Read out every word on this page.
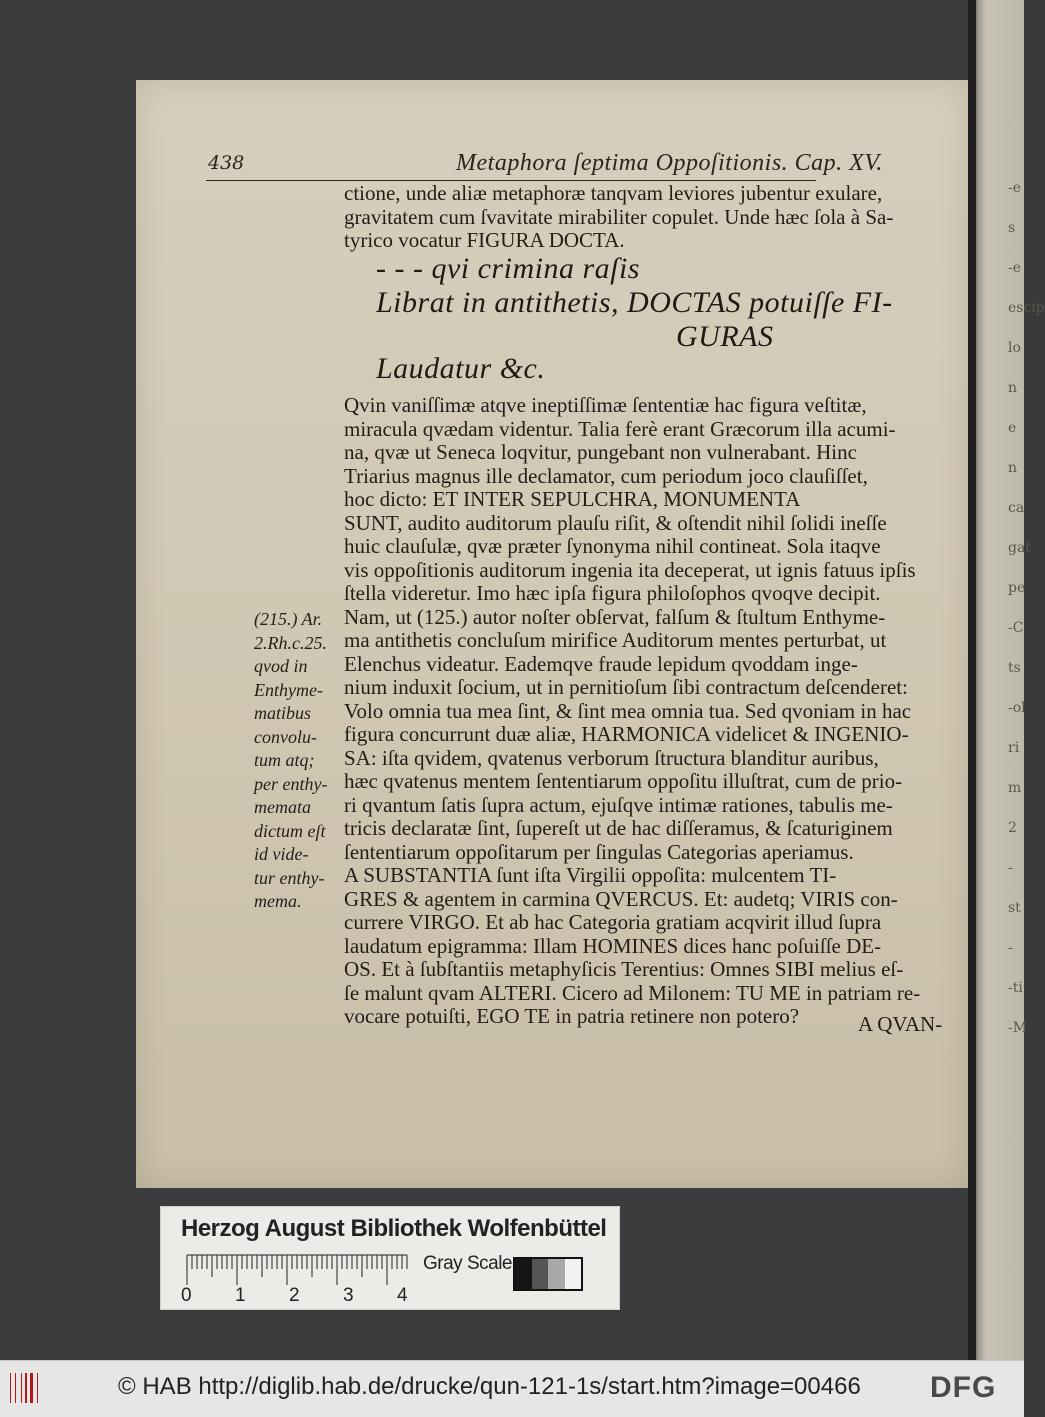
-e
s
-e
escip
lo
n
e
n
ca
gat
pe
-C
ts
-ol
ri
m
2
-
st
-
-ti
-M
438	Metaphora ſeptima Oppoſitionis. Cap. XV.
ctione, unde aliæ metaphoræ tanqvam leviores jubentur exulare,
gravitatem cum ſvavitate mirabiliter copulet. Unde hæc ſola à Sa-
tyrico vocatur FIGURA DOCTA.
- - - qvi crimina raſis
Librat in antithetis, DOCTAS potuiſſe FI-
GURAS
Laudatur &c.
Qvin vaniſſimæ atqve ineptiſſimæ ſententiæ hac figura veſtitæ,
miracula qvædam videntur. Talia ferè erant Græcorum illa acumi-
na, qvæ ut Seneca loqvitur, pungebant non vulnerabant. Hinc
Triarius magnus ille declamator, cum periodum joco clauſiſſet,
hoc dicto: ET INTER SEPULCHRA, MONUMENTA
SUNT, audito auditorum plauſu riſit, & oſtendit nihil ſolidi ineſſe
huic clauſulæ, qvæ præter ſynonyma nihil contineat. Sola itaqve
vis oppoſitionis auditorum ingenia ita deceperat, ut ignis fatuus ipſis
ſtella videretur. Imo hæc ipſa figura philoſophos qvoqve decipit.
Nam, ut (125.) autor noſter obſervat, falſum & ſtultum Enthyme-
ma antithetis concluſum mirifice Auditorum mentes perturbat, ut
Elenchus videatur. Eademqve fraude lepidum qvoddam inge-
nium induxit ſocium, ut in pernitioſum ſibi contractum deſcenderet:
Volo omnia tua mea ſint, & ſint mea omnia tua. Sed qvoniam in hac
figura concurrunt duæ aliæ, HARMONICA videlicet & INGENIO-
SA: iſta qvidem, qvatenus verborum ſtructura blanditur auribus,
hæc qvatenus mentem ſententiarum oppoſitu illuſtrat, cum de prio-
ri qvantum ſatis ſupra actum, ejuſqve intimæ rationes, tabulis me-
tricis declaratæ ſint, ſupereſt ut de hac diſſeramus, & ſcaturiginem
ſententiarum oppoſitarum per ſingulas Categorias aperiamus.
A SUBSTANTIA ſunt iſta Virgilii oppoſita: mulcentem TI-
GRES & agentem in carmina QVERCUS. Et: audetq; VIRIS con-
currere VIRGO. Et ab hac Categoria gratiam acqvirit illud ſupra
laudatum epigramma: Illam HOMINES dices hanc poſuiſſe DE-
OS. Et à ſubſtantiis metaphyſicis Terentius: Omnes SIBI melius eſ-
ſe malunt qvam ALTERI. Cicero ad Milonem: TU ME in patriam re-
vocare potuiſti, EGO TE in patria retinere non potero?
(215.) Ar.
2.Rh.c.25.
qvod in
Enthyme-
matibus
convolu-
tum atq;
per enthy-
memata
dictum eſt
id vide-
tur enthy-
mema.
A QVAN-
Herzog August Bibliothek Wolfenbüttel
Gray Scale
0 1 2 3 4
© HAB http://diglib.hab.de/drucke/qun-121-1s/start.htm?image=00466 DFG
